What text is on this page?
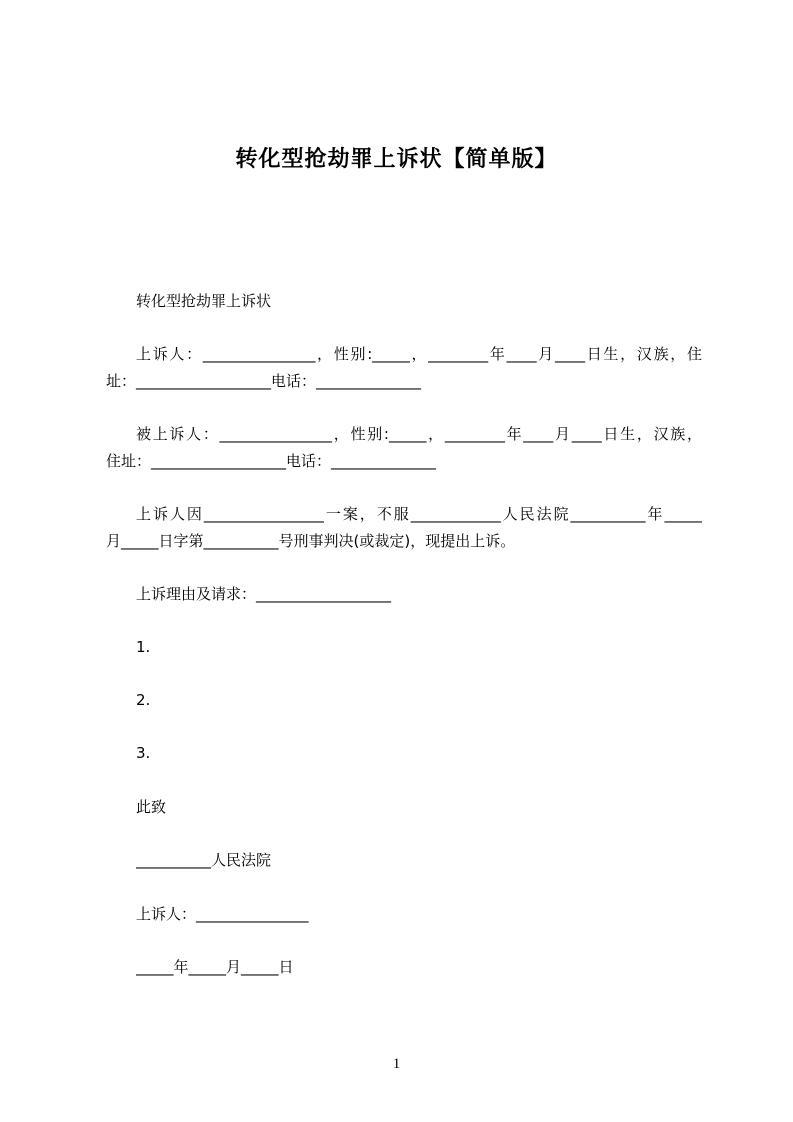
转化型抢劫罪上诉状【简单版】
转化型抢劫罪上诉状
上诉人：_______________，性别:_____，________年____月____日生，汉族，住
址：__________________电话：______________
被上诉人：_______________，性别:_____，________年____月____日生，汉族，
住址：__________________电话：______________
上诉人因________________一案，不服____________人民法院__________年_____
月_____日字第__________号刑事判决(或裁定)，现提出上诉。
上诉理由及请求：__________________
1.
2.
3.
此致
__________人民法院
上诉人：_______________
_____年_____月_____日
1
